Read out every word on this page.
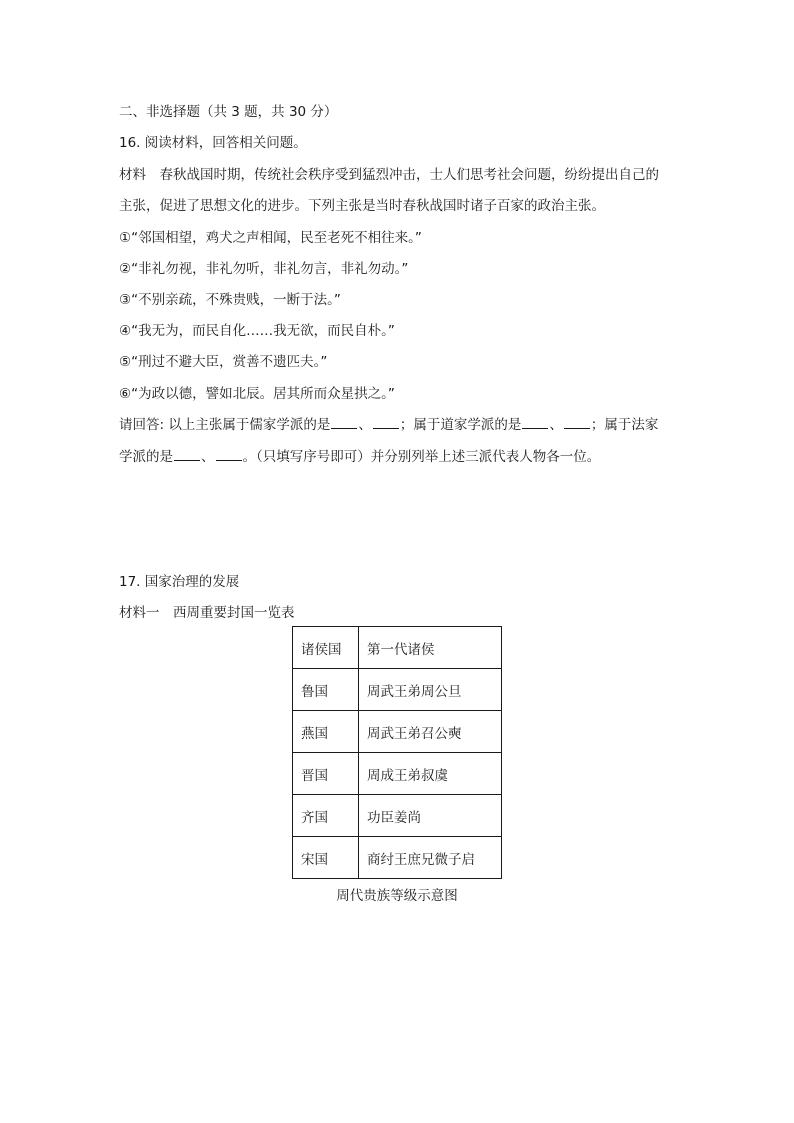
二、非选择题（共 3 题，共 30 分）
16. 阅读材料，回答相关问题。
材料　春秋战国时期，传统社会秩序受到猛烈冲击，士人们思考社会问题，纷纷提出自己的
主张，促进了思想文化的进步。下列主张是当时春秋战国时诸子百家的政治主张。
①“邻国相望，鸡犬之声相闻，民至老死不相往来。”
②“非礼勿视，非礼勿听，非礼勿言，非礼勿动。”
③“不别亲疏，不殊贵贱，一断于法。”
④“我无为，而民自化……我无欲，而民自朴。”
⑤“刑过不避大臣，赏善不遗匹夫。”
⑥“为政以德，譬如北辰。居其所而众星拱之。”
请回答: 以上主张属于儒家学派的是 、 ；属于道家学派的是 、 ；属于法家
学派的是 、 。（只填写序号即可）并分别列举上述三派代表人物各一位。
17. 国家治理的发展
材料一　西周重要封国一览表
诸侯国	第一代诸侯
鲁国	周武王弟周公旦
燕国	周武王弟召公奭
晋国	周成王弟叔虞
齐国	功臣姜尚
宋国	商纣王庶兄微子启
周代贵族等级示意图
